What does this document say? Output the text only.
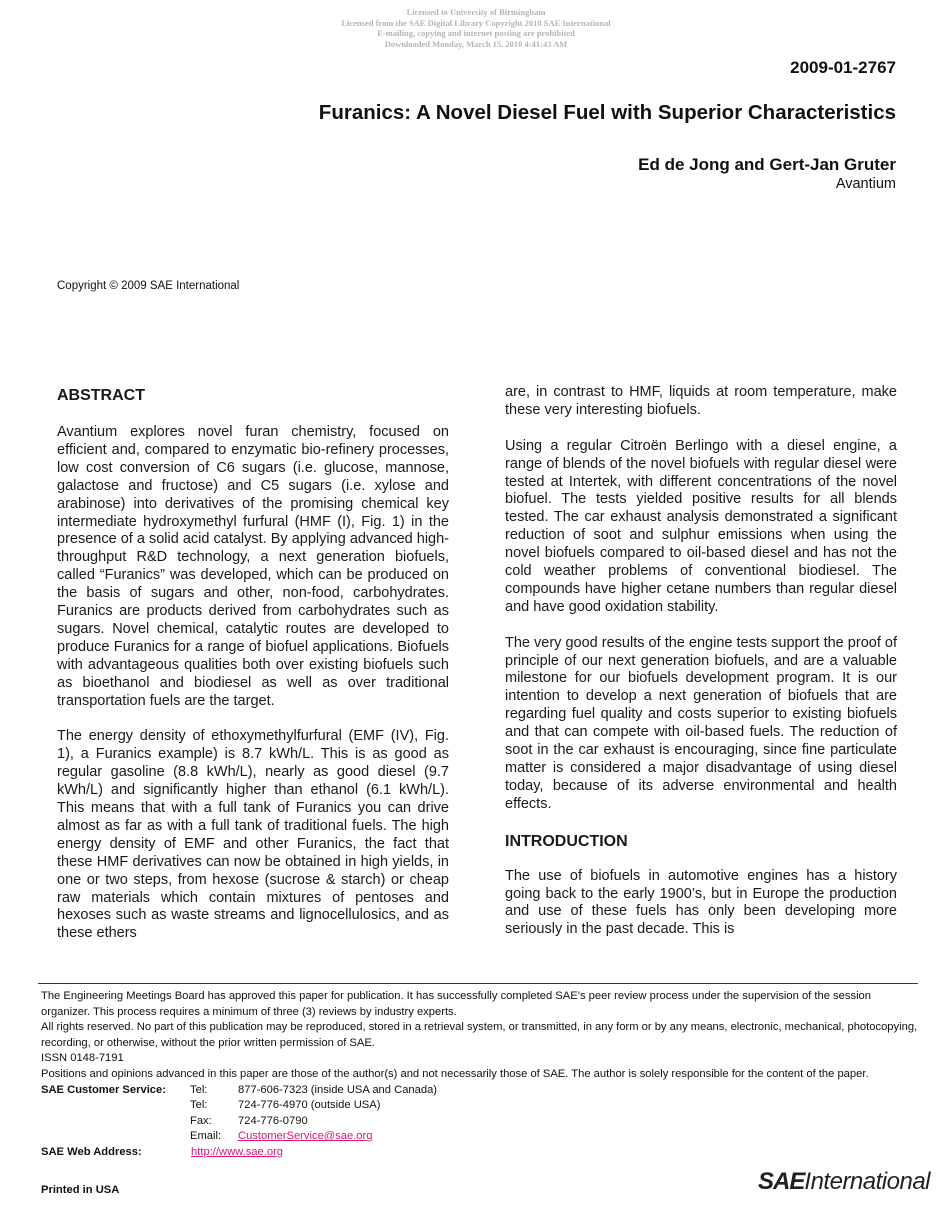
Licensed to University of Birmingham
Licensed from the SAE Digital Library Copyright 2010 SAE International
E-mailing, copying and internet posting are prohibited
Downloaded Monday, March 15, 2010 4:41:43 AM
2009-01-2767
Furanics: A Novel Diesel Fuel with Superior Characteristics
Ed de Jong and Gert-Jan Gruter
Avantium
Copyright © 2009 SAE International
ABSTRACT

Avantium explores novel furan chemistry, focused on efficient and, compared to enzymatic bio-refinery processes, low cost conversion of C6 sugars (i.e. glucose, mannose, galactose and fructose) and C5 sugars (i.e. xylose and arabinose) into derivatives of the promising chemical key intermediate hydroxymethyl furfural (HMF (I), Fig. 1) in the presence of a solid acid catalyst. By applying advanced high-throughput R&D technology, a next generation biofuels, called “Furanics” was developed, which can be produced on the basis of sugars and other, non-food, carbohydrates. Furanics are products derived from carbohydrates such as sugars. Novel chemical, catalytic routes are developed to produce Furanics for a range of biofuel applications. Biofuels with advantageous qualities both over existing biofuels such as bioethanol and biodiesel as well as over traditional transportation fuels are the target.

The energy density of ethoxymethylfurfural (EMF (IV), Fig. 1), a Furanics example) is 8.7 kWh/L. This is as good as regular gasoline (8.8 kWh/L), nearly as good diesel (9.7 kWh/L) and significantly higher than ethanol (6.1 kWh/L). This means that with a full tank of Furanics you can drive almost as far as with a full tank of traditional fuels. The high energy density of EMF and other Furanics, the fact that these HMF derivatives can now be obtained in high yields, in one or two steps, from hexose (sucrose & starch) or cheap raw materials which contain mixtures of pentoses and hexoses such as waste streams and lignocellulosics, and as these ethers

are, in contrast to HMF, liquids at room temperature, make these very interesting biofuels.

Using a regular Citroën Berlingo with a diesel engine, a range of blends of the novel biofuels with regular diesel were tested at Intertek, with different concentrations of the novel biofuel. The tests yielded positive results for all blends tested. The car exhaust analysis demonstrated a significant reduction of soot and sulphur emissions when using the novel biofuels compared to oil-based diesel and has not the cold weather problems of conventional biodiesel. The compounds have higher cetane numbers than regular diesel and have good oxidation stability.

The very good results of the engine tests support the proof of principle of our next generation biofuels, and are a valuable milestone for our biofuels development program. It is our intention to develop a next generation of biofuels that are regarding fuel quality and costs superior to existing biofuels and that can compete with oil-based fuels. The reduction of soot in the car exhaust is encouraging, since fine particulate matter is considered a major disadvantage of using diesel today, because of its adverse environmental and health effects.

INTRODUCTION

The use of biofuels in automotive engines has a history going back to the early 1900’s, but in Europe the production and use of these fuels has only been developing more seriously in the past decade. This is

The Engineering Meetings Board has approved this paper for publication. It has successfully completed SAE’s peer review process under the supervision of the session organizer. This process requires a minimum of three (3) reviews by industry experts.

All rights reserved. No part of this publication may be reproduced, stored in a retrieval system, or transmitted, in any form or by any means, electronic, mechanical, photocopying, recording, or otherwise, without the prior written permission of SAE.

ISSN 0148-7191

Positions and opinions advanced in this paper are those of the author(s) and not necessarily those of SAE. The author is solely responsible for the content of the paper.

SAE Customer Service: Tel:	877-606-7323 (inside USA and Canada)
Tel:	724-776-4970 (outside USA)
Fax: 724-776-0790
Email: CustomerService@sae.org
SAE Web Address:	http://www.sae.org
Printed in USA	SAE International
